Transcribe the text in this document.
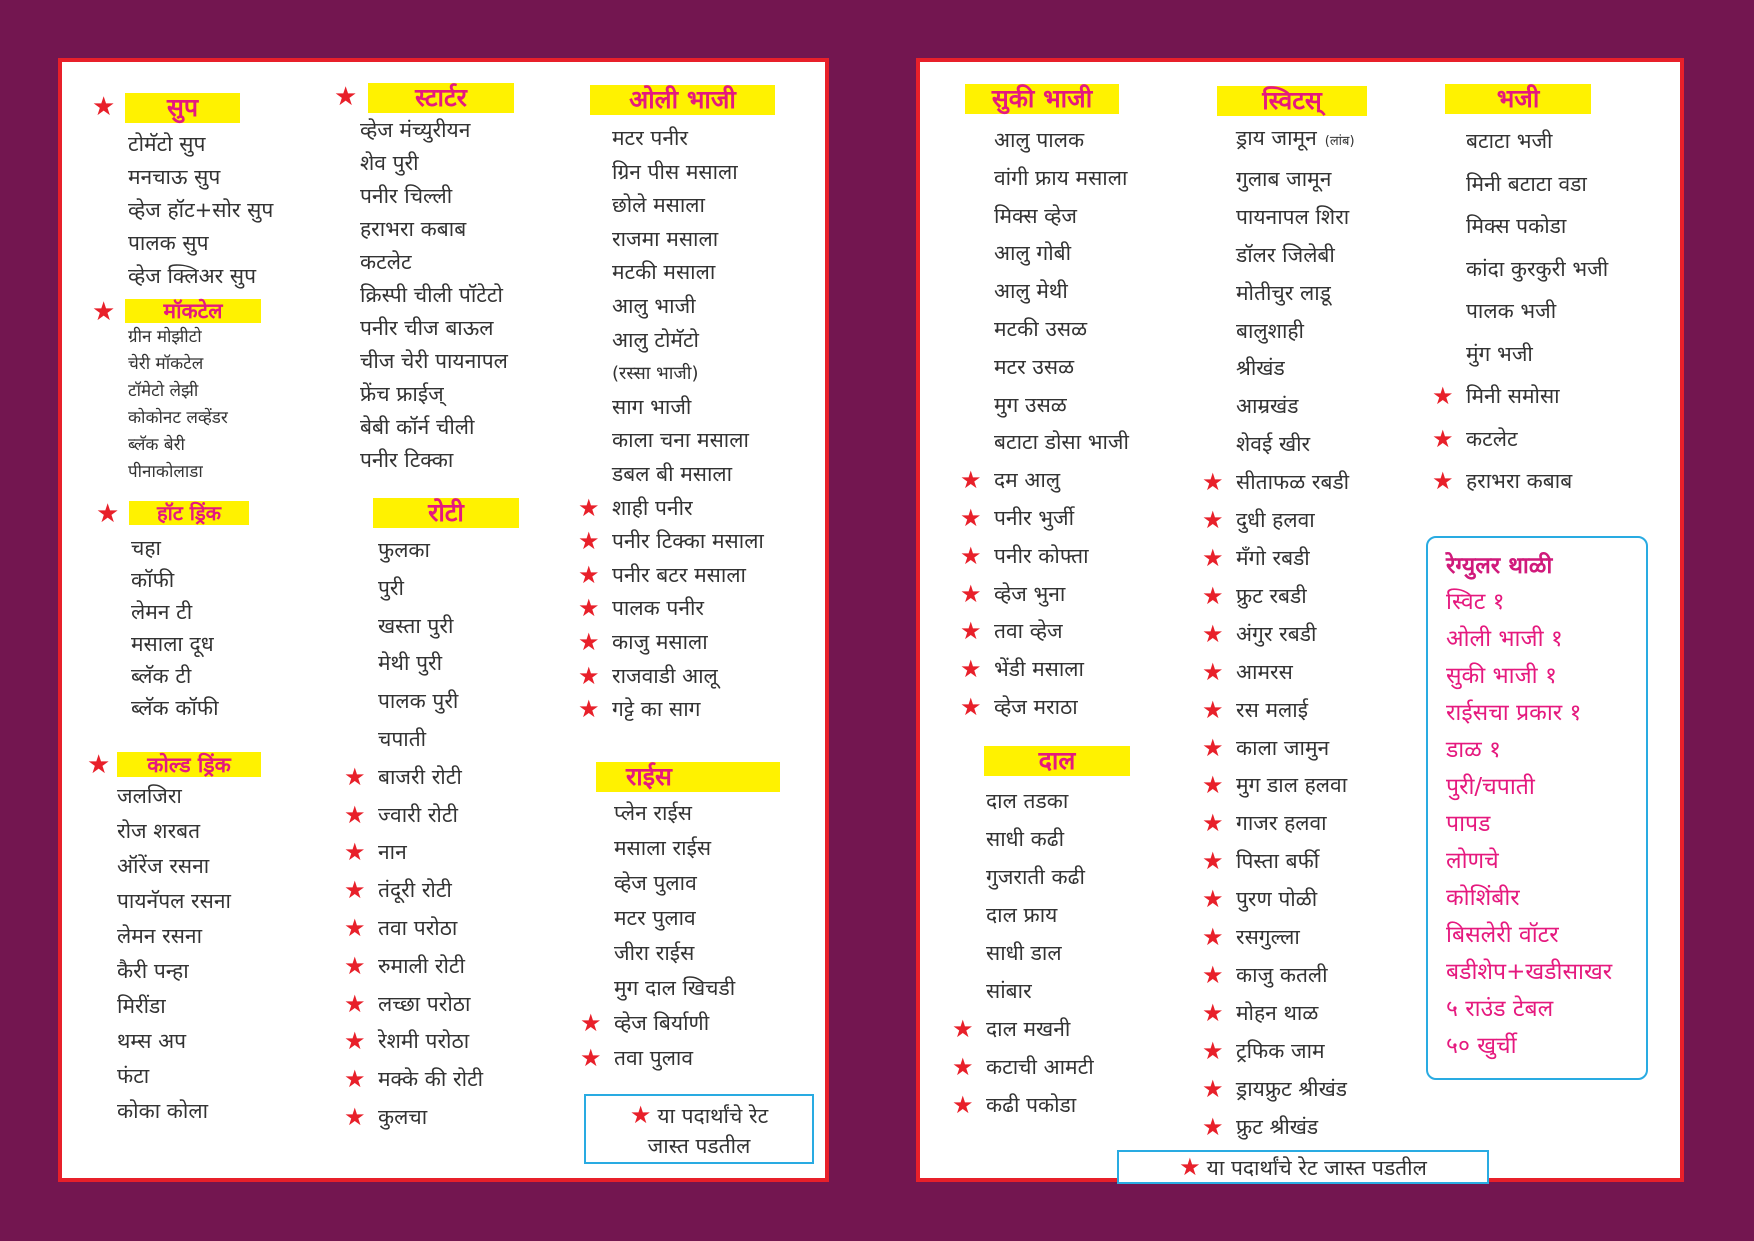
★	सुप
टोमॅटो सुप
मनचाऊ सुप
व्हेज हॉट+सोर सुप
पालक सुप
व्हेज क्लिअर सुप
★	मॉकटेल
ग्रीन मोझीटो
चेरी मॉकटेल
टॉमेटो लेझी
कोकोनट लव्हेंडर
ब्लॅक बेरी
पीनाकोलाडा
★	हॉट ड्रिंक
चहा
कॉफी
लेमन टी
मसाला दूध
ब्लॅक टी
ब्लॅक कॉफी
★	कोल्ड ड्रिंक
जलजिरा
रोज शरबत
ऑरेंज रसना
पायनॅपल रसना
लेमन रसना
कैरी पन्हा
मिरींडा
थम्स अप
फंटा
कोका कोला
★	स्टार्टर
व्हेज मंच्युरीयन
शेव पुरी
पनीर चिल्ली
हराभरा कबाब
कटलेट
क्रिस्पी चीली पॉटेटो
पनीर चीज बाऊल
चीज चेरी पायनापल
फ्रेंच फ्राईज्
बेबी कॉर्न चीली
पनीर टिक्का
रोटी
फुलका
पुरी
खस्ता पुरी
मेथी पुरी
पालक पुरी
चपाती
★ बाजरी रोटी
★ ज्वारी रोटी
★ नान
★ तंदूरी रोटी
★ तवा परोठा
★ रुमाली रोटी
★ लच्छा परोठा
★ रेशमी परोठा
★ मक्के की रोटी
★ कुलचा
ओली भाजी
मटर पनीर
ग्रिन पीस मसाला
छोले मसाला
राजमा मसाला
मटकी मसाला
आलु भाजी
आलु टोमॅटो
(रस्सा भाजी)
साग भाजी
काला चना मसाला
डबल बी मसाला
★ शाही पनीर
★ पनीर टिक्का मसाला
★ पनीर बटर मसाला
★ पालक पनीर
★ काजु मसाला
★ राजवाडी आलू
★ गट्टे का साग
राईस
प्लेन राईस
मसाला राईस
व्हेज पुलाव
मटर पुलाव
जीरा राईस
मुग दाल खिचडी
★ व्हेज बिर्याणी
★ तवा पुलाव
★ या पदार्थांचे रेट
जास्त पडतील
सुकी भाजी
आलु पालक
वांगी फ्राय मसाला
मिक्स व्हेज
आलु गोबी
आलु मेथी
मटकी उसळ
मटर उसळ
मुग उसळ
बटाटा डोसा भाजी
★ दम आलु
★ पनीर भुर्जी
★ पनीर कोफ्ता
★ व्हेज भुना
★ तवा व्हेज
★ भेंडी मसाला
★ व्हेज मराठा
दाल
दाल तडका
साधी कढी
गुजराती कढी
दाल फ्राय
साधी डाल
सांबार
★ दाल मखनी
★ कटाची आमटी
★ कढी पकोडा
स्विटस्
ड्राय जामून (लांब)
गुलाब जामून
पायनापल शिरा
डॉलर जिलेबी
मोतीचुर लाडू
बालुशाही
श्रीखंड
आम्रखंड
शेवई खीर
★ सीताफळ रबडी
★ दुधी हलवा
★ मँगो रबडी
★ फ्रुट रबडी
★ अंगुर रबडी
★ आमरस
★ रस मलाई
★ काला जामुन
★ मुग डाल हलवा
★ गाजर हलवा
★ पिस्ता बर्फी
★ पुरण पोळी
★ रसगुल्ला
★ काजु कतली
★ मोहन थाळ
★ ट्रफिक जाम
★ ड्रायफ्रुट श्रीखंड
★ फ्रुट श्रीखंड
भजी
बटाटा भजी
मिनी बटाटा वडा
मिक्स पकोडा
कांदा कुरकुरी भजी
पालक भजी
मुंग भजी
★ मिनी समोसा
★ कटलेट
★ हराभरा कबाब
रेग्युलर थाळी
स्विट १
ओली भाजी १
सुकी भाजी १
राईसचा प्रकार १
डाळ १
पुरी/चपाती
पापड
लोणचे
कोशिंबीर
बिसलेरी वॉटर
बडीशेप+खडीसाखर
५ राउंड टेबल
५० खुर्ची
★ या पदार्थांचे रेट जास्त पडतील
